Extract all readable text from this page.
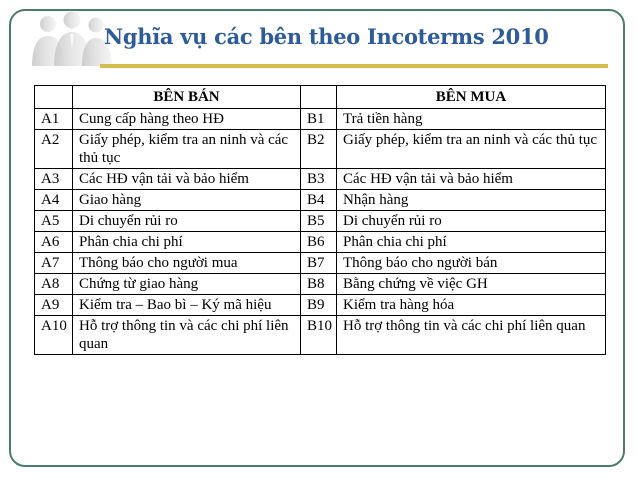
Nghĩa vụ các bên theo Incoterms 2010
	BÊN BÁN		BÊN MUA
A1	Cung cấp hàng theo HĐ	B1	Trả tiền hàng
A2	Giấy phép, kiểm tra an ninh và các thủ tục	B2	Giấy phép, kiểm tra an ninh và các thủ tục
A3	Các HĐ vận tải và bảo hiểm	B3	Các HĐ vận tải và bảo hiểm
A4	Giao hàng	B4	Nhận hàng
A5	Di chuyển rủi ro	B5	Di chuyển rủi ro
A6	Phân chia chi phí	B6	Phân chia chi phí
A7	Thông báo cho người mua	B7	Thông báo cho người bán
A8	Chứng từ giao hàng	B8	Bằng chứng về việc GH
A9	Kiểm tra – Bao bì – Ký mã hiệu	B9	Kiểm tra hàng hóa
A10	Hỗ trợ thông tin và các chi phí liên quan	B10	Hỗ trợ thông tin và các chi phí liên quan
